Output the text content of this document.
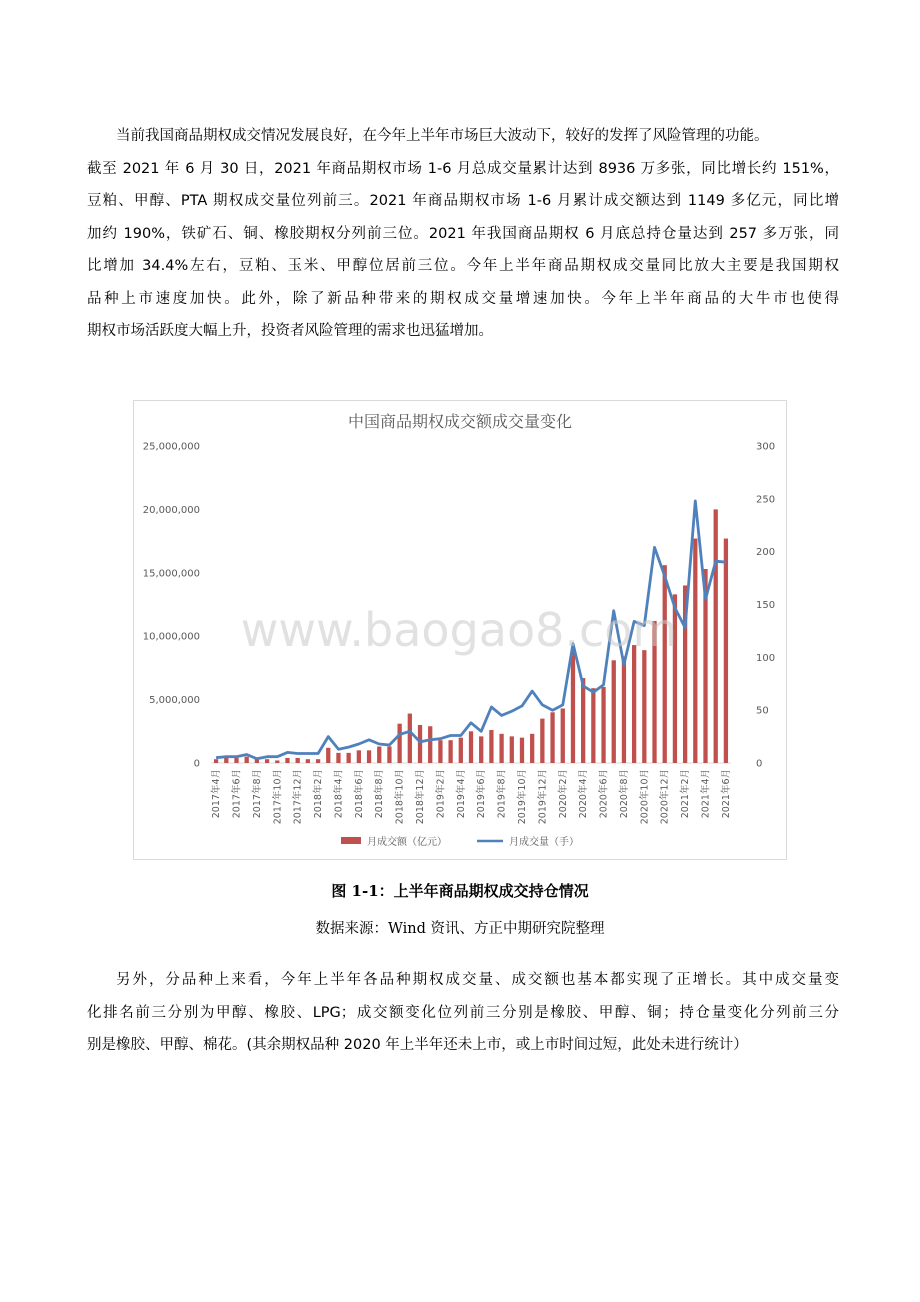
当前我国商品期权成交情况发展良好，在今年上半年市场巨大波动下，较好的发挥了风险管理的功能。
截至 2021 年 6 月 30 日，2021 年商品期权市场 1-6 月总成交量累计达到 8936 万多张，同比增长约 151%，
豆粕、甲醇、PTA 期权成交量位列前三。2021 年商品期权市场 1-6 月累计成交额达到 1149 多亿元，同比增
加约 190%，铁矿石、铜、橡胶期权分列前三位。2021 年我国商品期权 6 月底总持仓量达到 257 多万张，同
比增加 34.4%左右，豆粕、玉米、甲醇位居前三位。今年上半年商品期权成交量同比放大主要是我国期权
品种上市速度加快。此外，除了新品种带来的期权成交量增速加快。今年上半年商品的大牛市也使得
期权市场活跃度大幅上升，投资者风险管理的需求也迅猛增加。
中国商品期权成交额成交量变化
0
5,000,000
10,000,000
15,000,000
20,000,000
25,000,000
0
50
100
150
200
250
300
2017年4月 2017年6月 2017年8月 2017年10月 2017年12月 2018年2月 2018年4月 2018年6月 2018年8月 2018年10月 2018年12月 2019年2月 2019年4月 2019年6月 2019年8月 2019年10月 2019年12月 2020年2月 2020年4月 2020年6月 2020年8月 2020年10月 2020年12月 2021年2月 2021年4月 2021年6月
www.baogao8.com
月成交额（亿元）	月成交量（手）
图 1-1：上半年商品期权成交持仓情况
数据来源：Wind 资讯、方正中期研究院整理
另外，分品种上来看，今年上半年各品种期权成交量、成交额也基本都实现了正增长。其中成交量变
化排名前三分别为甲醇、橡胶、LPG；成交额变化位列前三分别是橡胶、甲醇、铜；持仓量变化分列前三分
别是橡胶、甲醇、棉花。(其余期权品种 2020 年上半年还未上市，或上市时间过短，此处未进行统计）
